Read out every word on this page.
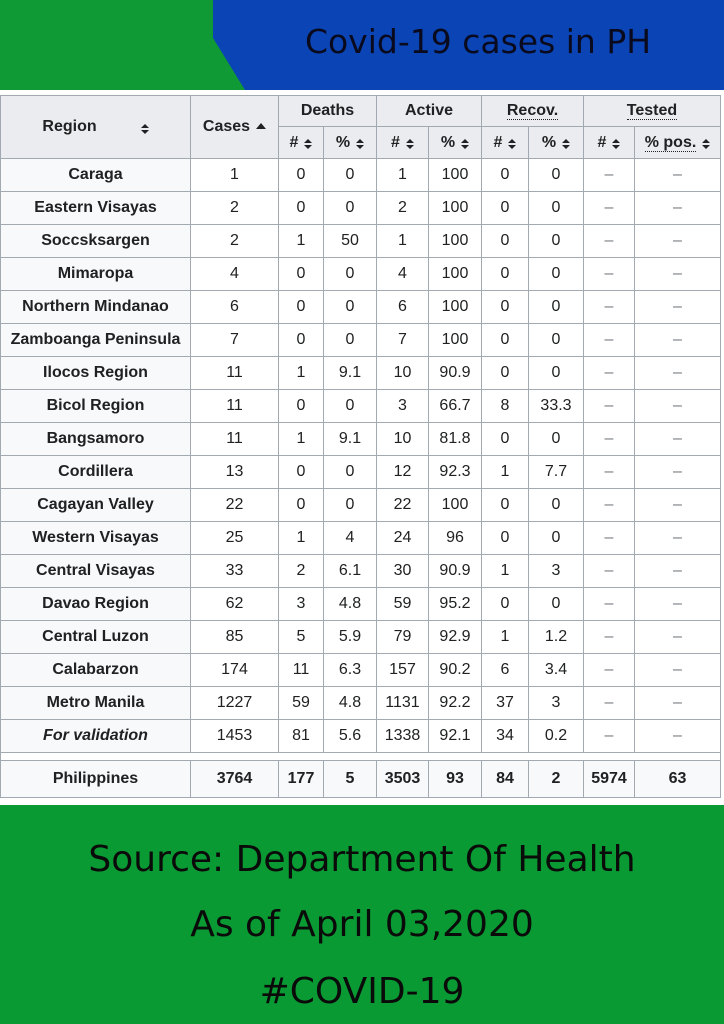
Covid-19 cases in PH
Region	Cases	Deaths		Active		Recov.		Tested	
		#	%	#	%	#	%	#	% pos.
Caraga	1	0	0	1	100	0	0	–	–
Eastern Visayas	2	0	0	2	100	0	0	–	–
Soccsksargen	2	1	50	1	100	0	0	–	–
Mimaropa	4	0	0	4	100	0	0	–	–
Northern Mindanao	6	0	0	6	100	0	0	–	–
Zamboanga Peninsula	7	0	0	7	100	0	0	–	–
Ilocos Region	11	1	9.1	10	90.9	0	0	–	–
Bicol Region	11	0	0	3	66.7	8	33.3	–	–
Bangsamoro	11	1	9.1	10	81.8	0	0	–	–
Cordillera	13	0	0	12	92.3	1	7.7	–	–
Cagayan Valley	22	0	0	22	100	0	0	–	–
Western Visayas	25	1	4	24	96	0	0	–	–
Central Visayas	33	2	6.1	30	90.9	1	3	–	–
Davao Region	62	3	4.8	59	95.2	0	0	–	–
Central Luzon	85	5	5.9	79	92.9	1	1.2	–	–
Calabarzon	174	11	6.3	157	90.2	6	3.4	–	–
Metro Manila	1227	59	4.8	1131	92.2	37	3	–	–
For validation	1453	81	5.6	1338	92.1	34	0.2	–	–

Philippines	3764	177	5	3503	93	84	2	5974	63
Source: Department Of Health
As of April 03,2020
#COVID-19
